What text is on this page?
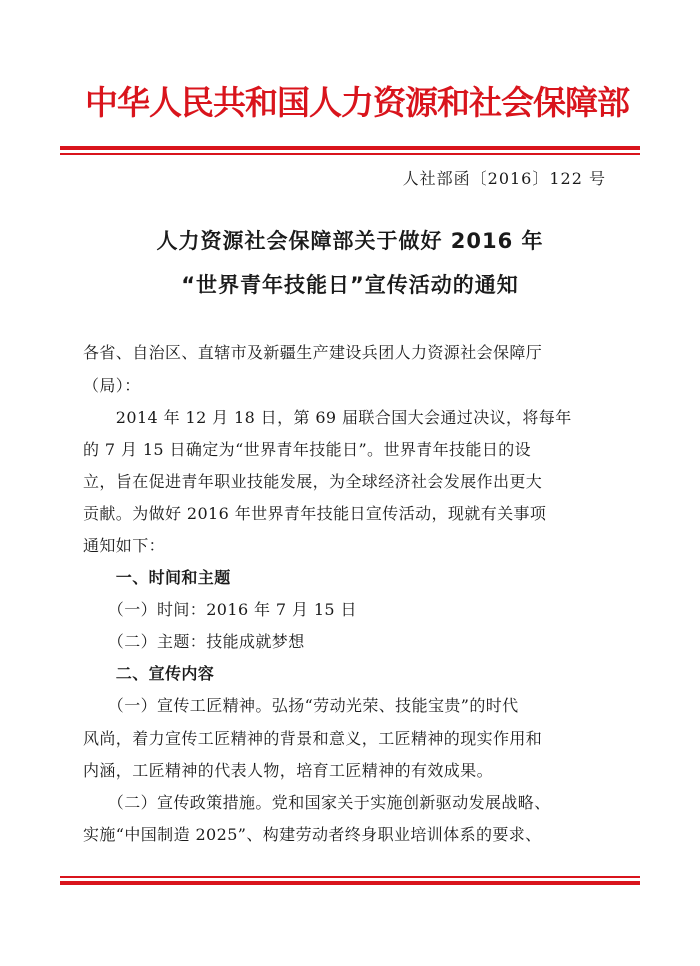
中华人民共和国人力资源和社会保障部
人社部函〔2016〕122 号
人力资源社会保障部关于做好 2016 年
“世界青年技能日”宣传活动的通知
各省、自治区、直辖市及新疆生产建设兵团人力资源社会保障厅
（局）：
　　2014 年 12 月 18 日，第 69 届联合国大会通过决议，将每年
的 7 月 15 日确定为“世界青年技能日”。世界青年技能日的设
立，旨在促进青年职业技能发展，为全球经济社会发展作出更大
贡献。为做好 2016 年世界青年技能日宣传活动，现就有关事项
通知如下：
　　一、时间和主题
　　（一）时间：2016 年 7 月 15 日
　　（二）主题：技能成就梦想
　　二、宣传内容
　　（一）宣传工匠精神。弘扬“劳动光荣、技能宝贵”的时代
风尚，着力宣传工匠精神的背景和意义，工匠精神的现实作用和
内涵，工匠精神的代表人物，培育工匠精神的有效成果。
　　（二）宣传政策措施。党和国家关于实施创新驱动发展战略、
实施“中国制造 2025”、构建劳动者终身职业培训体系的要求、
